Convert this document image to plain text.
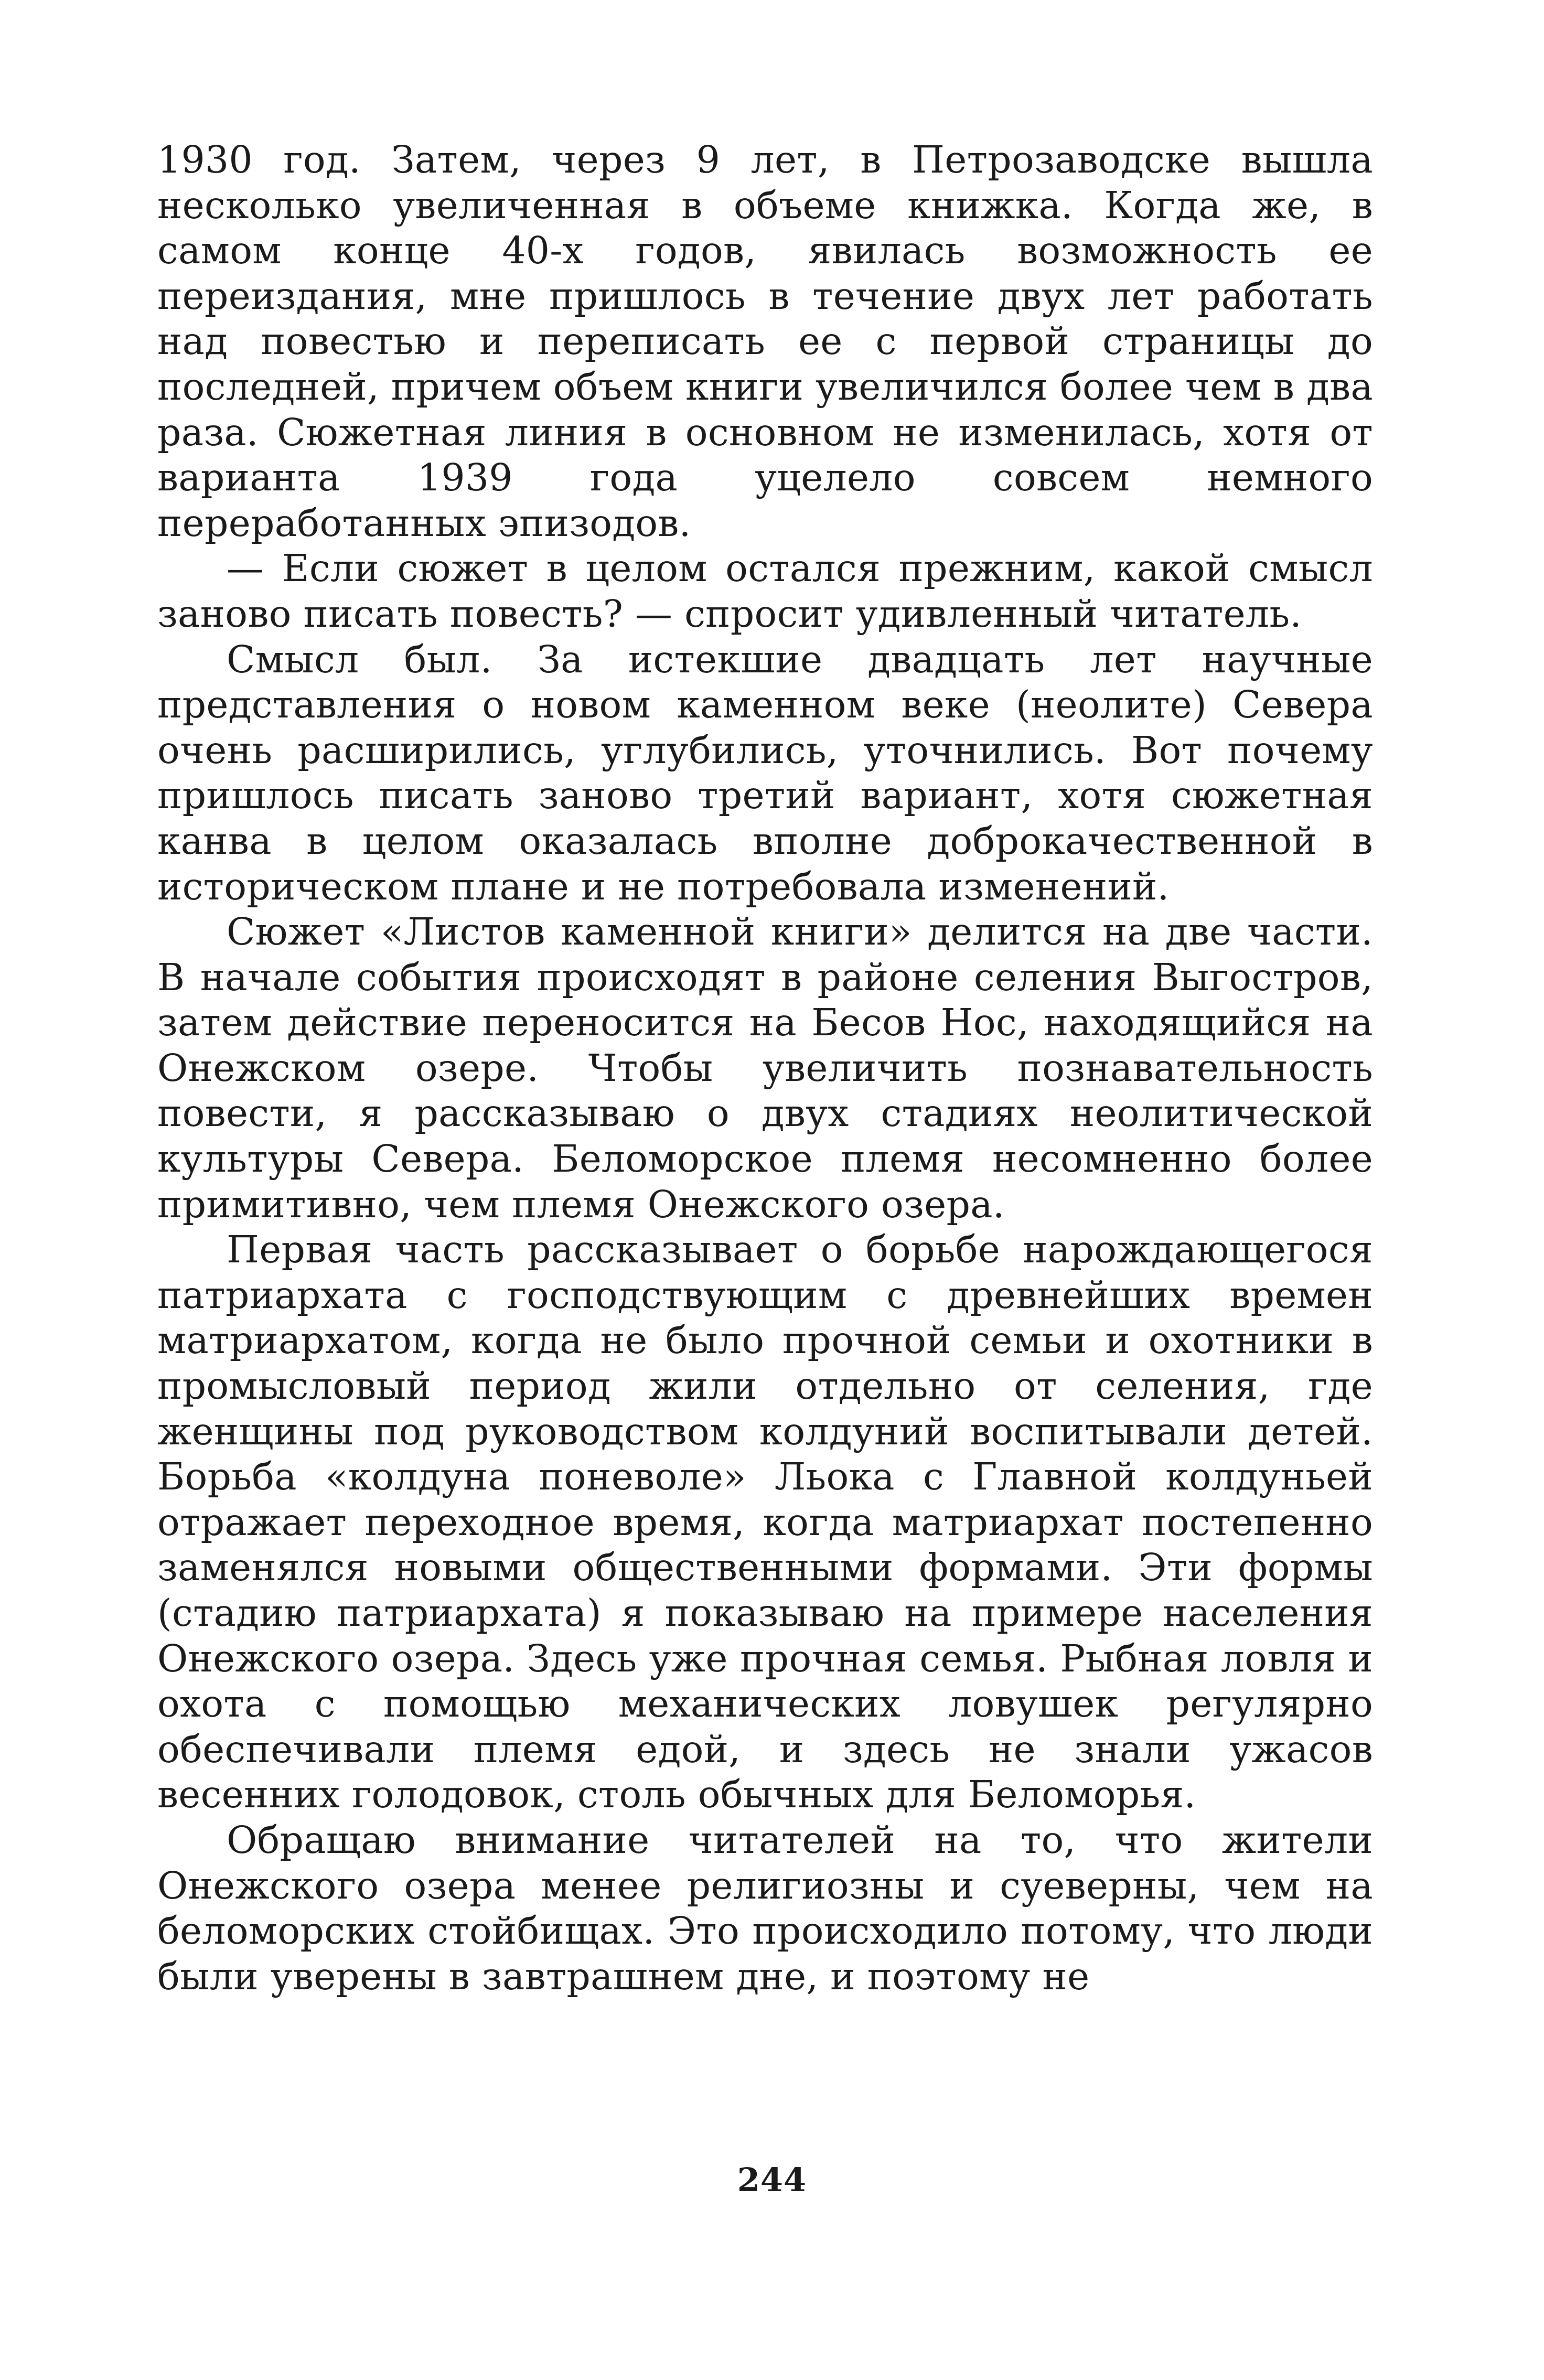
1930 год. Затем, через 9 лет, в Петрозаводске вышла несколько увеличенная в объеме книжка. Когда же, в самом конце 40-х годов, явилась возможность ее переиздания, мне пришлось в течение двух лет работать над повестью и переписать ее с первой страницы до последней, причем объем книги увеличился более чем в два раза. Сюжетная линия в основном не изменилась, хотя от варианта 1939 года уцелело совсем немного переработанных эпизодов.

— Если сюжет в целом остался прежним, какой смысл заново писать повесть? — спросит удивленный читатель.

Смысл был. За истекшие двадцать лет научные представления о новом каменном веке (неолите) Севера очень расширились, углубились, уточнились. Вот почему пришлось писать заново третий вариант, хотя сюжетная канва в целом оказалась вполне доброкачественной в историческом плане и не потребовала изменений.

Сюжет «Листов каменной книги» делится на две части. В начале события происходят в районе селения Выгостров, затем действие переносится на Бесов Нос, находящийся на Онежском озере. Чтобы увеличить познавательность повести, я рассказываю о двух стадиях неолитической культуры Севера. Беломорское племя несомненно более примитивно, чем племя Онежского озера.

Первая часть рассказывает о борьбе нарождающегося патриархата с господствующим с древнейших времен матриархатом, когда не было прочной семьи и охотники в промысловый период жили отдельно от селения, где женщины под руководством колдуний воспитывали детей. Борьба «колдуна поневоле» Льока с Главной колдуньей отражает переходное время, когда матриархат постепенно заменялся новыми общественными формами. Эти формы (стадию патриархата) я показываю на примере населения Онежского озера. Здесь уже прочная семья. Рыбная ловля и охота с помощью механических ловушек регулярно обеспечивали племя едой, и здесь не знали ужасов весенних голодовок, столь обычных для Беломорья.

Обращаю внимание читателей на то, что жители Онежского озера менее религиозны и суеверны, чем на беломорских стойбищах. Это происходило потому, что люди были уверены в завтрашнем дне, и поэтому не

244
